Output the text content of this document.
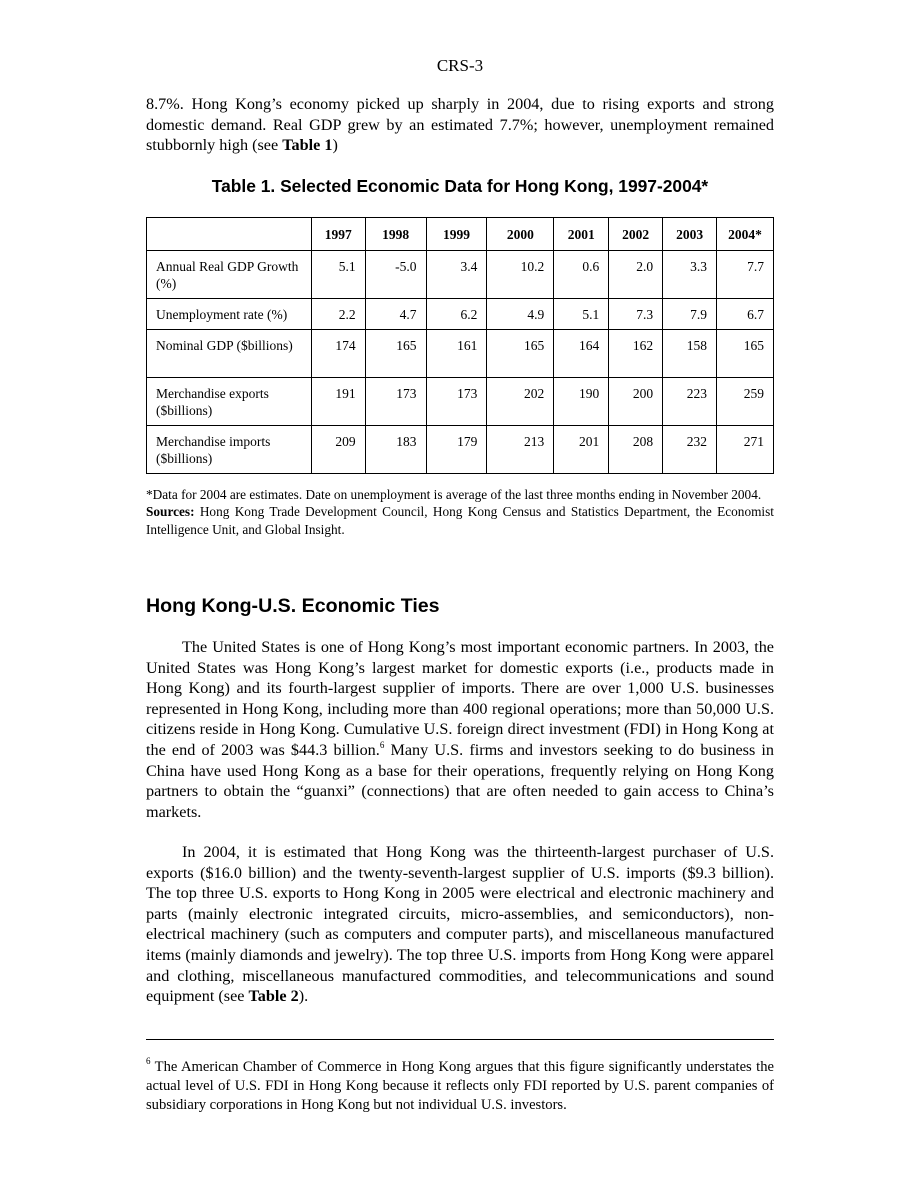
CRS-3

8.7%. Hong Kong’s economy picked up sharply in 2004, due to rising exports and strong domestic demand. Real GDP grew by an estimated 7.7%; however, unemployment remained stubbornly high (see Table 1)

Table 1. Selected Economic Data for Hong Kong, 1997-2004*
	1997	1998	1999	2000	2001	2002	2003	2004*
Annual Real GDP Growth (%)	5.1	-5.0	3.4	10.2	0.6	2.0	3.3	7.7
Unemployment rate (%)	2.2	4.7	6.2	4.9	5.1	7.3	7.9	6.7
Nominal GDP ($billions)	174	165	161	165	164	162	158	165
Merchandise exports ($billions)	191	173	173	202	190	200	223	259
Merchandise imports ($billions)	209	183	179	213	201	208	232	271

*Data for 2004 are estimates. Date on unemployment is average of the last three months ending in November 2004.

Sources: Hong Kong Trade Development Council, Hong Kong Census and Statistics Department, the Economist Intelligence Unit, and Global Insight.

Hong Kong-U.S. Economic Ties

The United States is one of Hong Kong’s most important economic partners. In 2003, the United States was Hong Kong’s largest market for domestic exports (i.e., products made in Hong Kong) and its fourth-largest supplier of imports. There are over 1,000 U.S. businesses represented in Hong Kong, including more than 400 regional operations; more than 50,000 U.S. citizens reside in Hong Kong. Cumulative U.S. foreign direct investment (FDI) in Hong Kong at the end of 2003 was $44.3 billion.$^6$ Many U.S. firms and investors seeking to do business in China have used Hong Kong as a base for their operations, frequently relying on Hong Kong partners to obtain the “guanxi” (connections) that are often needed to gain access to China’s markets.

In 2004, it is estimated that Hong Kong was the thirteenth-largest purchaser of U.S. exports ($16.0 billion) and the twenty-seventh-largest supplier of U.S. imports ($9.3 billion). The top three U.S. exports to Hong Kong in 2005 were electrical and electronic machinery and parts (mainly electronic integrated circuits, micro-assemblies, and semiconductors), non-electrical machinery (such as computers and computer parts), and miscellaneous manufactured items (mainly diamonds and jewelry). The top three U.S. imports from Hong Kong were apparel and clothing, miscellaneous manufactured commodities, and telecommunications and sound equipment (see Table 2).

$^6$ The American Chamber of Commerce in Hong Kong argues that this figure significantly understates the actual level of U.S. FDI in Hong Kong because it reflects only FDI reported by U.S. parent companies of subsidiary corporations in Hong Kong but not individual U.S. investors.
